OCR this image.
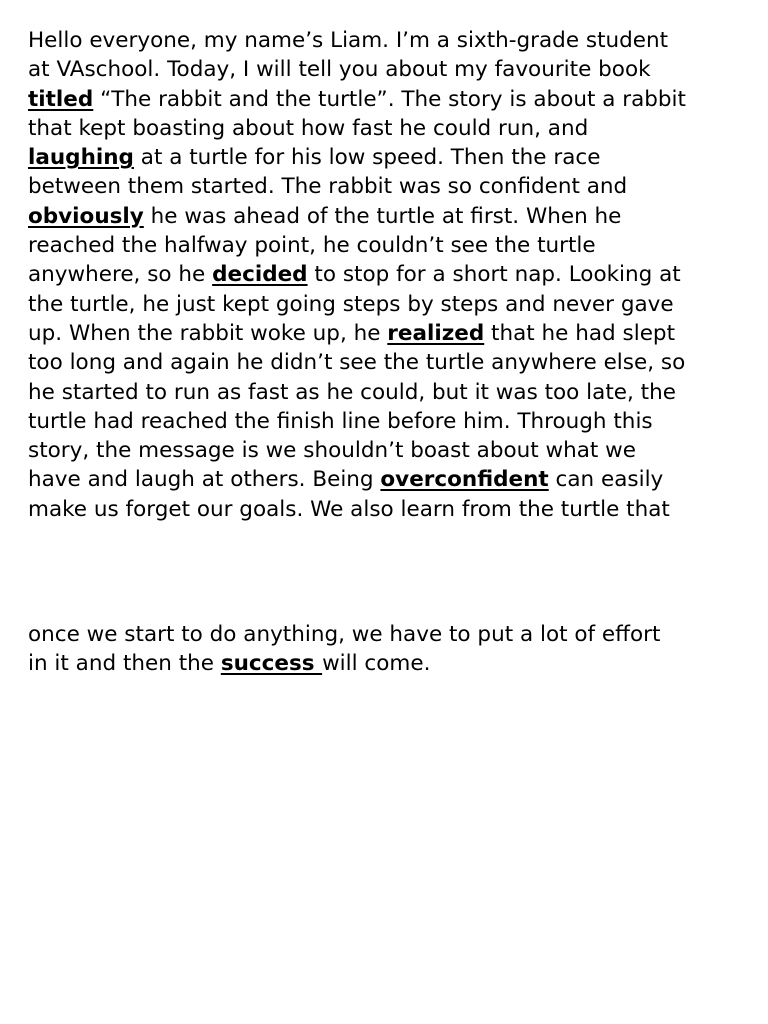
Hello everyone, my name’s Liam. I’m a sixth-grade student
at VAschool. Today, I will tell you about my favourite book
titled “The rabbit and the turtle”. The story is about a rabbit
that kept boasting about how fast he could run, and
laughing at a turtle for his low speed. Then the race
between them started. The rabbit was so confident and
obviously he was ahead of the turtle at first. When he
reached the halfway point, he couldn’t see the turtle
anywhere, so he decided to stop for a short nap. Looking at
the turtle, he just kept going steps by steps and never gave
up. When the rabbit woke up, he realized that he had slept
too long and again he didn’t see the turtle anywhere else, so
he started to run as fast as he could, but it was too late, the
turtle had reached the finish line before him. Through this
story, the message is we shouldn’t boast about what we
have and laugh at others. Being overconfident can easily
make us forget our goals. We also learn from the turtle that
once we start to do anything, we have to put a lot of effort
in it and then the success will come.
